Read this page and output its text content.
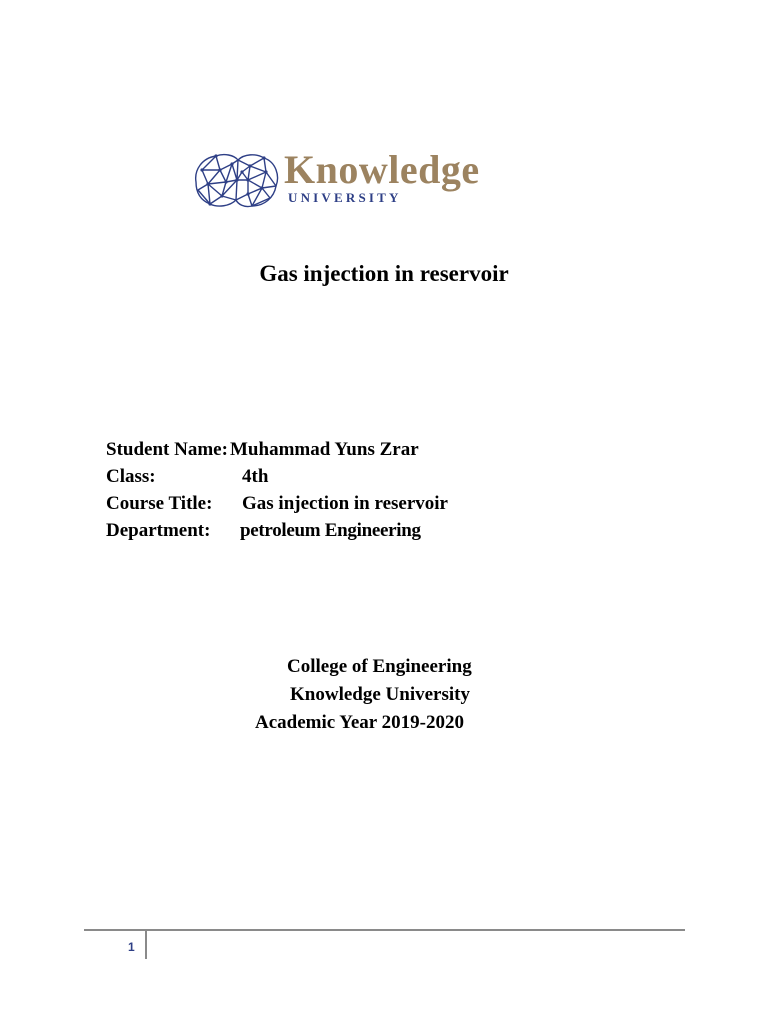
Knowledge
UNIVERSITY
Gas injection in reservoir
Student Name: Muhammad Yuns Zrar
Class:	4th
Course Title: Gas injection in reservoir
Department: petroleum Engineering
College of Engineering
Knowledge University
Academic Year 2019-2020
1
